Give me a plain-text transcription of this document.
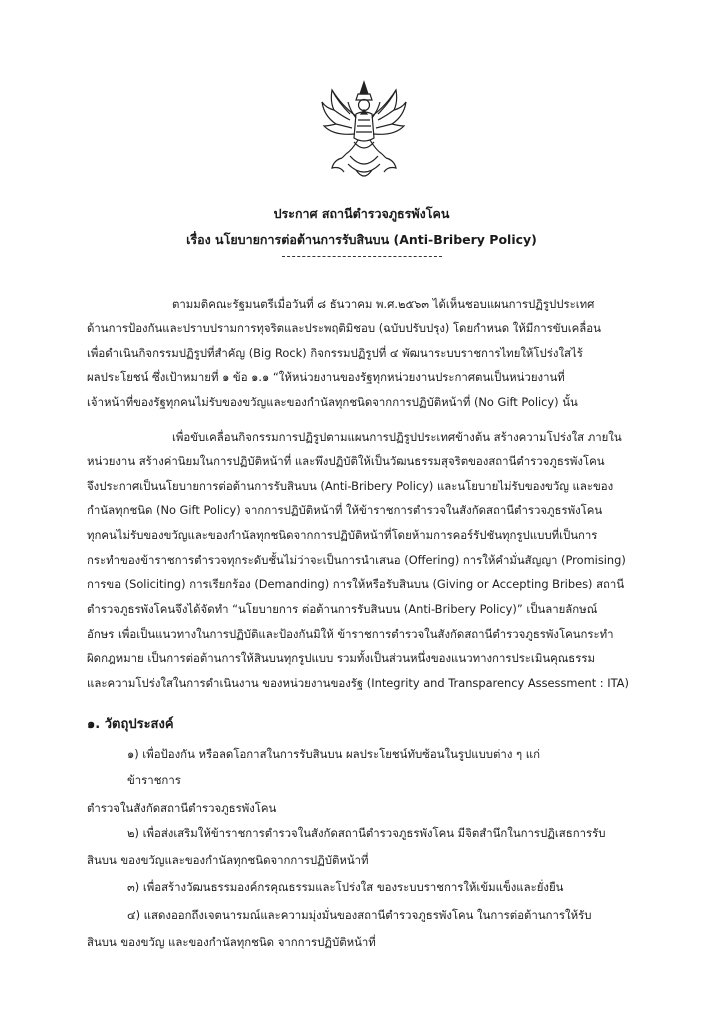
ประกาศ สถานีตำรวจภูธรพังโคน
เรื่อง นโยบายการต่อต้านการรับสินบน (Anti-Bribery Policy)
ตามมติคณะรัฐมนตรีเมื่อวันที่ ๘ ธันวาคม พ.ศ.๒๕๖๓ ได้เห็นชอบแผนการปฏิรูปประเทศ
ด้านการป้องกันและปราบปรามการทุจริตและประพฤติมิชอบ (ฉบับปรับปรุง) โดยกำหนด ให้มีการขับเคลื่อน
เพื่อดำเนินกิจกรรมปฏิรูปที่สำคัญ (Big Rock) กิจกรรมปฏิรูปที่ ๔ พัฒนาระบบราชการไทยให้โปร่งใสไร้
ผลประโยชน์ ซึ่งเป้าหมายที่ ๑ ข้อ ๑.๑ “ให้หน่วยงานของรัฐทุกหน่วยงานประกาศตนเป็นหน่วยงานที่
เจ้าหน้าที่ของรัฐทุกคนไม่รับของขวัญและของกำนัลทุกชนิดจากการปฏิบัติหน้าที่ (No Gift Policy) นั้น
เพื่อขับเคลื่อนกิจกรรมการปฏิรูปตามแผนการปฏิรูปประเทศข้างต้น สร้างความโปร่งใส ภายใน
หน่วยงาน สร้างค่านิยมในการปฏิบัติหน้าที่ และพึงปฏิบัติให้เป็นวัฒนธรรมสุจริตของสถานีตำรวจภูธรพังโคน
จึงประกาศเป็นนโยบายการต่อต้านการรับสินบน (Anti-Bribery Policy) และนโยบายไม่รับของขวัญ และของ
กำนัลทุกชนิด (No Gift Policy) จากการปฏิบัติหน้าที่ ให้ข้าราชการตำรวจในสังกัดสถานีตำรวจภูธรพังโคน
ทุกคนไม่รับของขวัญและของกำนัลทุกชนิดจากการปฏิบัติหน้าที่โดยห้ามการคอร์รัปชันทุกรูปแบบที่เป็นการ
กระทำของข้าราชการตำรวจทุกระดับชั้นไม่ว่าจะเป็นการนำเสนอ (Offering) การให้คำมั่นสัญญา (Promising)
การขอ (Soliciting) การเรียกร้อง (Demanding) การให้หรือรับสินบน (Giving or Accepting Bribes) สถานี
ตำรวจภูธรพังโคนจึงได้จัดทำ “นโยบายการ ต่อต้านการรับสินบน (Anti-Bribery Policy)” เป็นลายลักษณ์
อักษร เพื่อเป็นแนวทางในการปฏิบัติและป้องกันมิให้ ข้าราชการตำรวจในสังกัดสถานีตำรวจภูธรพังโคนกระทำ
ผิดกฎหมาย เป็นการต่อต้านการให้สินบนทุกรูปแบบ รวมทั้งเป็นส่วนหนึ่งของแนวทางการประเมินคุณธรรม
และความโปร่งใสในการดำเนินงาน ของหน่วยงานของรัฐ (Integrity and Transparency Assessment : ITA)
๑. วัตถุประสงค์
๑) เพื่อป้องกัน หรือลดโอกาสในการรับสินบน ผลประโยชน์ทับซ้อนในรูปแบบต่าง ๆ แก่
ข้าราชการ
ตำรวจในสังกัดสถานีตำรวจภูธรพังโคน
๒) เพื่อส่งเสริมให้ข้าราชการตำรวจในสังกัดสถานีตำรวจภูธรพังโคน มีจิตสำนึกในการปฏิเสธการรับ
สินบน ของขวัญและของกำนัลทุกชนิดจากการปฏิบัติหน้าที่
๓) เพื่อสร้างวัฒนธรรมองค์กรคุณธรรมและโปร่งใส ของระบบราชการให้เข้มแข็งและยั่งยืน
๔) แสดงออกถึงเจตนารมณ์และความมุ่งมั่นของสถานีตำรวจภูธรพังโคน ในการต่อต้านการให้รับ
สินบน ของขวัญ และของกำนัลทุกชนิด จากการปฏิบัติหน้าที่
